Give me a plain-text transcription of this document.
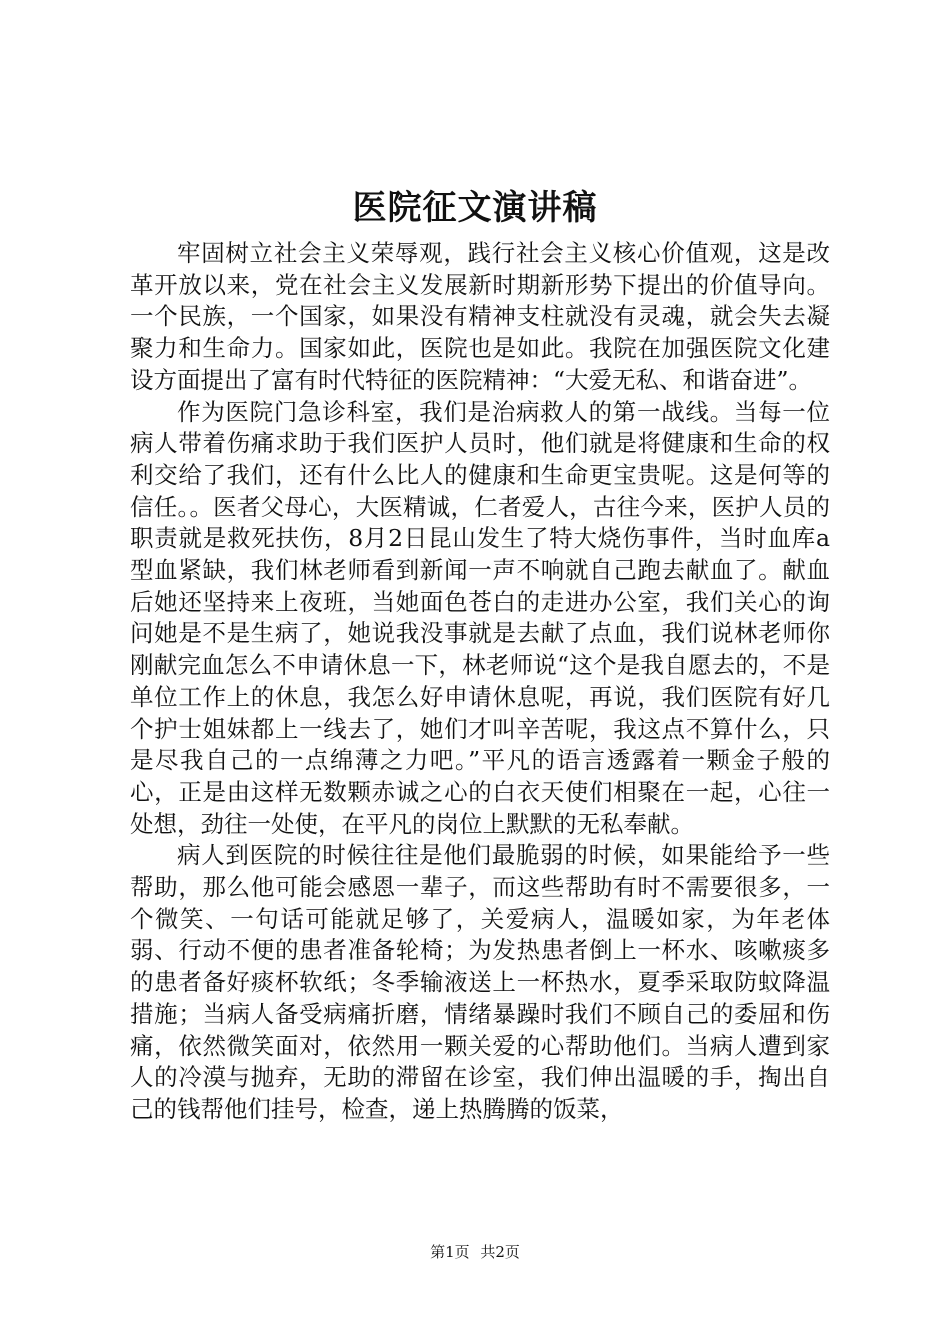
医院征文演讲稿

牢固树立社会主义荣辱观，践行社会主义核心价值观，这是改革开放以来，党在社会主义发展新时期新形势下提出的价值导向。一个民族，一个国家，如果没有精神支柱就没有灵魂，就会失去凝聚力和生命力。国家如此，医院也是如此。我院在加强医院文化建设方面提出了富有时代特征的医院精神：“大爱无私、和谐奋进”。

作为医院门急诊科室，我们是治病救人的第一战线。当每一位病人带着伤痛求助于我们医护人员时，他们就是将健康和生命的权利交给了我们，还有什么比人的健康和生命更宝贵呢。这是何等的信任。。医者父母心，大医精诚，仁者爱人，古往今来，医护人员的职责就是救死扶伤，8月2日昆山发生了特大烧伤事件，当时血库a型血紧缺，我们林老师看到新闻一声不响就自己跑去献血了。献血后她还坚持来上夜班，当她面色苍白的走进办公室，我们关心的询问她是不是生病了，她说我没事就是去献了点血，我们说林老师你刚献完血怎么不申请休息一下，林老师说“这个是我自愿去的，不是单位工作上的休息，我怎么好申请休息呢，再说，我们医院有好几个护士姐妹都上一线去了，她们才叫辛苦呢，我这点不算什么，只是尽我自己的一点绵薄之力吧。”平凡的语言透露着一颗金子般的心，正是由这样无数颗赤诚之心的白衣天使们相聚在一起，心往一处想，劲往一处使，在平凡的岗位上默默的无私奉献。

病人到医院的时候往往是他们最脆弱的时候，如果能给予一些帮助，那么他可能会感恩一辈子，而这些帮助有时不需要很多，一个微笑、一句话可能就足够了，关爱病人，温暖如家，为年老体弱、行动不便的患者准备轮椅；为发热患者倒上一杯水、咳嗽痰多的患者备好痰杯软纸；冬季输液送上一杯热水，夏季采取防蚊降温措施；当病人备受病痛折磨，情绪暴躁时我们不顾自己的委屈和伤痛，依然微笑面对，依然用一颗关爱的心帮助他们。当病人遭到家人的冷漠与抛弃，无助的滞留在诊室，我们伸出温暖的手，掏出自己的钱帮他们挂号，检查，递上热腾腾的饭菜，

第1页 共2页
